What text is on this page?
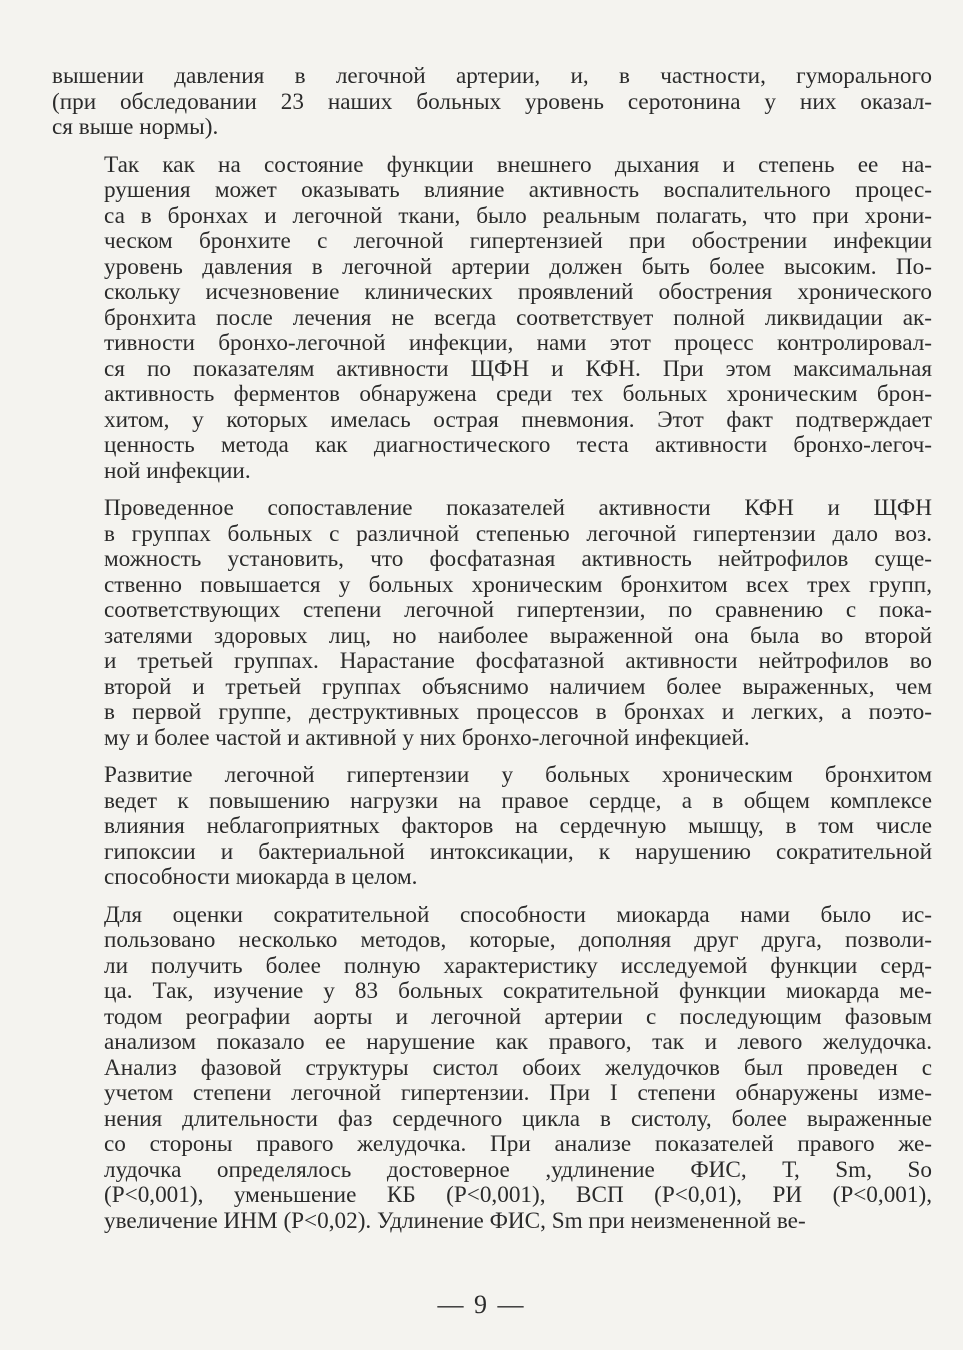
вышении давления в легочной артерии, и, в частности, гуморального
(при обследовании 23 наших больных уровень серотонина у них оказал-
ся выше нормы).
Так как на состояние функции внешнего дыхания и степень ее на-
рушения может оказывать влияние активность воспалительного процес-
са в бронхах и легочной ткани, было реальным полагать, что при хрони-
ческом бронхите с легочной гипертензией при обострении инфекции
уровень давления в легочной артерии должен быть более высоким. По-
скольку исчезновение клинических проявлений обострения хронического
бронхита после лечения не всегда соответствует полной ликвидации ак-
тивности бронхо-легочной инфекции, нами этот процесс контролировал-
ся по показателям активности ЩФН и КФН. При этом максимальная
активность ферментов обнаружена среди тех больных хроническим брон-
хитом, у которых имелась острая пневмония. Этот факт подтверждает
ценность метода как диагностического теста активности бронхо-легоч-
ной инфекции.
Проведенное сопоставление показателей активности КФН и ЩФН
в группах больных с различной степенью легочной гипертензии дало воз.
можность установить, что фосфатазная активность нейтрофилов суще-
ственно повышается у больных хроническим бронхитом всех трех групп,
соответствующих степени легочной гипертензии, по сравнению с пока-
зателями здоровых лиц, но наиболее выраженной она была во второй
и третьей группах. Нарастание фосфатазной активности нейтрофилов во
второй и третьей группах объяснимо наличием более выраженных, чем
в первой группе, деструктивных процессов в бронхах и легких, а поэто-
му и более частой и активной у них бронхо-легочной инфекцией.
Развитие легочной гипертензии у больных хроническим бронхитом
ведет к повышению нагрузки на правое сердце, а в общем комплексе
влияния неблагоприятных факторов на сердечную мышцу, в том числе
гипоксии и бактериальной интоксикации, к нарушению сократительной
способности миокарда в целом.
Для оценки сократительной способности миокарда нами было ис-
пользовано несколько методов, которые, дополняя друг друга, позволи-
ли получить более полную характеристику исследуемой функции серд-
ца. Так, изучение у 83 больных сократительной функции миокарда ме-
тодом реографии аорты и легочной артерии с последующим фазовым
анализом показало ее нарушение как правого, так и левого желудочка.
Анализ фазовой структуры систол обоих желудочков был проведен с
учетом степени легочной гипертензии. При I степени обнаружены изме-
нения длительности фаз сердечного цикла в систолу, более выраженные
со стороны правого желудочка. При анализе показателей правого же-
лудочка определялось достоверное ,удлинение ФИС, Т, Sm, So
(Р<0,001), уменьшение КБ (Р<0,001), ВСП (Р<0,01), РИ (Р<0,001),
увеличение ИНМ (Р<0,02). Удлинение ФИС, Sm при неизмененной ве-
— 9 —
